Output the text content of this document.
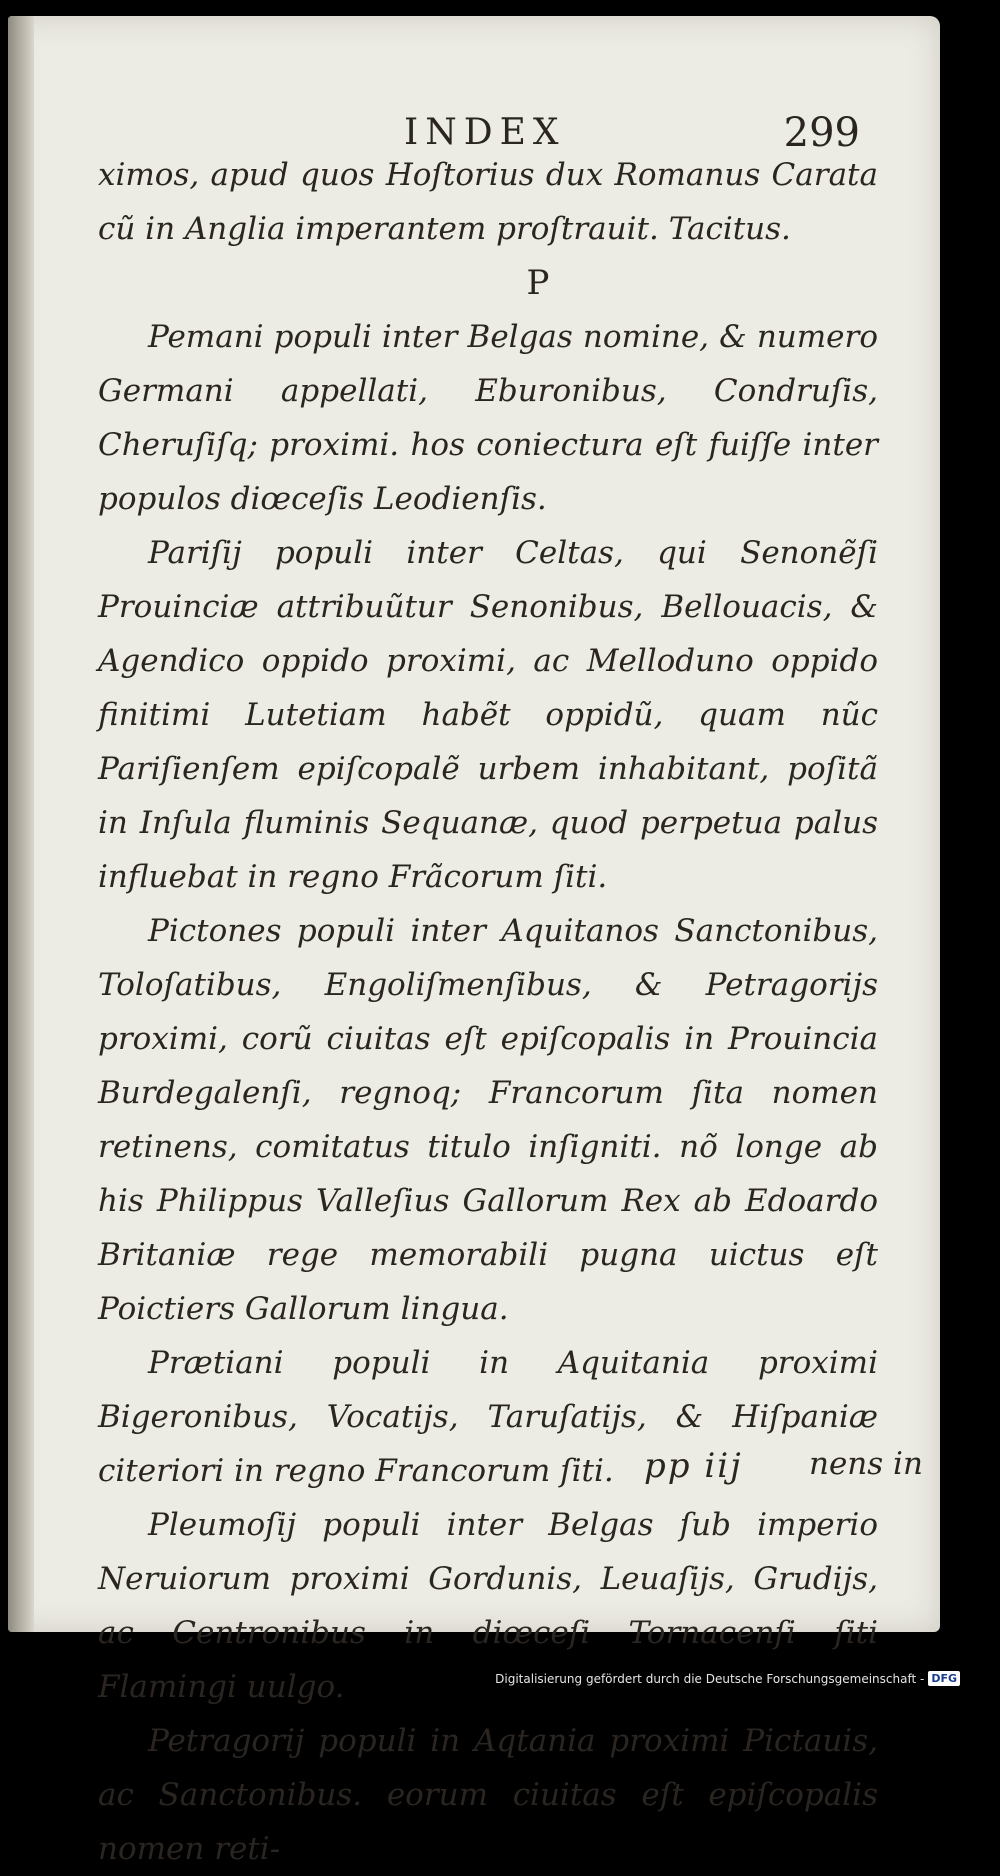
INDEX	299

ximos, apud quos Hoſtorius dux Romanus Carata cũ in Anglia imperantem proſtrauit. Tacitus.

P

Pemani populi inter Belgas nomine, & numero Germani appellati, Eburonibus, Condruſis, Cheruſiſq; proximi. hos coniectura eſt fuiſſe inter populos diœceſis Leodienſis.

Pariſij populi inter Celtas, qui Senonẽſi Prouinciæ attribuũtur Senonibus, Bellouacis, & Agendico oppido proximi, ac Melloduno oppido finitimi Lutetiam habẽt oppidũ, quam nũc Pariſienſem epiſcopalẽ urbem inhabitant, poſitã in Inſula fluminis Sequanæ, quod perpetua palus influebat in regno Frãcorum ſiti.

Pictones populi inter Aquitanos Sanctonibus, Toloſatibus, Engoliſmenſibus, & Petragorijs proximi, corũ ciuitas eſt epiſcopalis in Prouincia Burdegalenſi, regnoq; Francorum ſita nomen retinens, comitatus titulo inſigniti. nõ longe ab his Philippus Valleſius Gallorum Rex ab Edoardo Britaniæ rege memorabili pugna uictus eſt Poictiers Gallorum lingua.

Prætiani populi in Aquitania proximi Bigeronibus, Vocatijs, Taruſatijs, & Hiſpaniæ citeriori in regno Francorum ſiti.

Pleumoſij populi inter Belgas ſub imperio Neruiorum proximi Gordunis, Leuaſijs, Grudijs, ac Centronibus in diœceſi Tornacenſi ſiti Flamingi uulgo.

Petragorij populi in Aqtania proximi Pictauis, ac Sanctonibus. eorum ciuitas eſt epiſcopalis nomen reti-

pp iij nens in
Digitalisierung gefördert durch die Deutsche Forschungsgemeinschaft - DFG
